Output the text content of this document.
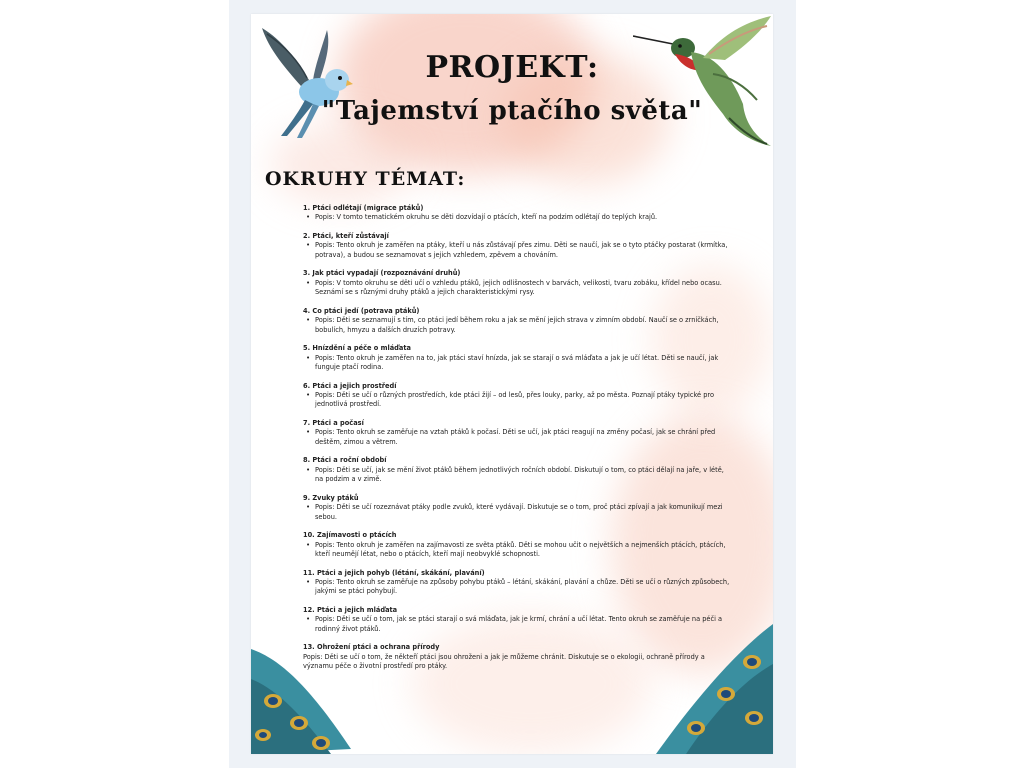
PROJEKT:
"Tajemství ptačího světa"
OKRUHY TÉMAT:
1. Ptáci odlétají (migrace ptáků)
• Popis: V tomto tematickém okruhu se děti dozvídají o ptácích, kteří na podzim odlétají do teplých krajů.
2. Ptáci, kteří zůstávají
• Popis: Tento okruh je zaměřen na ptáky, kteří u nás zůstávají přes zimu. Děti se naučí, jak se o tyto ptáčky postarat (krmítka, potrava), a budou se seznamovat s jejich vzhledem, zpěvem a chováním.
3. Jak ptáci vypadají (rozpoznávání druhů)
• Popis: V tomto okruhu se děti učí o vzhledu ptáků, jejich odlišnostech v barvách, velikosti, tvaru zobáku, křídel nebo ocasu. Seznámí se s různými druhy ptáků a jejich charakteristickými rysy.
4. Co ptáci jedí (potrava ptáků)
• Popis: Děti se seznamují s tím, co ptáci jedí během roku a jak se mění jejich strava v zimním období. Naučí se o zrníčkách, bobulích, hmyzu a dalších druzích potravy.
5. Hnízdění a péče o mláďata
• Popis: Tento okruh je zaměřen na to, jak ptáci staví hnízda, jak se starají o svá mláďata a jak je učí létat. Děti se naučí, jak funguje ptačí rodina.
6. Ptáci a jejich prostředí
• Popis: Děti se učí o různých prostředích, kde ptáci žijí – od lesů, přes louky, parky, až po města. Poznají ptáky typické pro jednotlivá prostředí.
7. Ptáci a počasí
• Popis: Tento okruh se zaměřuje na vztah ptáků k počasí. Děti se učí, jak ptáci reagují na změny počasí, jak se chrání před deštěm, zimou a větrem.
8. Ptáci a roční období
• Popis: Děti se učí, jak se mění život ptáků během jednotlivých ročních období. Diskutují o tom, co ptáci dělají na jaře, v létě, na podzim a v zimě.
9. Zvuky ptáků
• Popis: Děti se učí rozeznávat ptáky podle zvuků, které vydávají. Diskutuje se o tom, proč ptáci zpívají a jak komunikují mezi sebou.
10. Zajímavosti o ptácích
• Popis: Tento okruh je zaměřen na zajímavosti ze světa ptáků. Děti se mohou učit o největších a nejmenších ptácích, ptácích, kteří neumějí létat, nebo o ptácích, kteří mají neobvyklé schopnosti.
11. Ptáci a jejich pohyb (létání, skákání, plavání)
• Popis: Tento okruh se zaměřuje na způsoby pohybu ptáků – létání, skákání, plavání a chůze. Děti se učí o různých způsobech, jakými se ptáci pohybují.
12. Ptáci a jejich mláďata
• Popis: Děti se učí o tom, jak se ptáci starají o svá mláďata, jak je krmí, chrání a učí létat. Tento okruh se zaměřuje na péči a rodinný život ptáků.
13. Ohrožení ptáci a ochrana přírody
Popis: Děti se učí o tom, že někteří ptáci jsou ohroženi a jak je můžeme chránit. Diskutuje se o ekologii, ochraně přírody a významu péče o životní prostředí pro ptáky.
